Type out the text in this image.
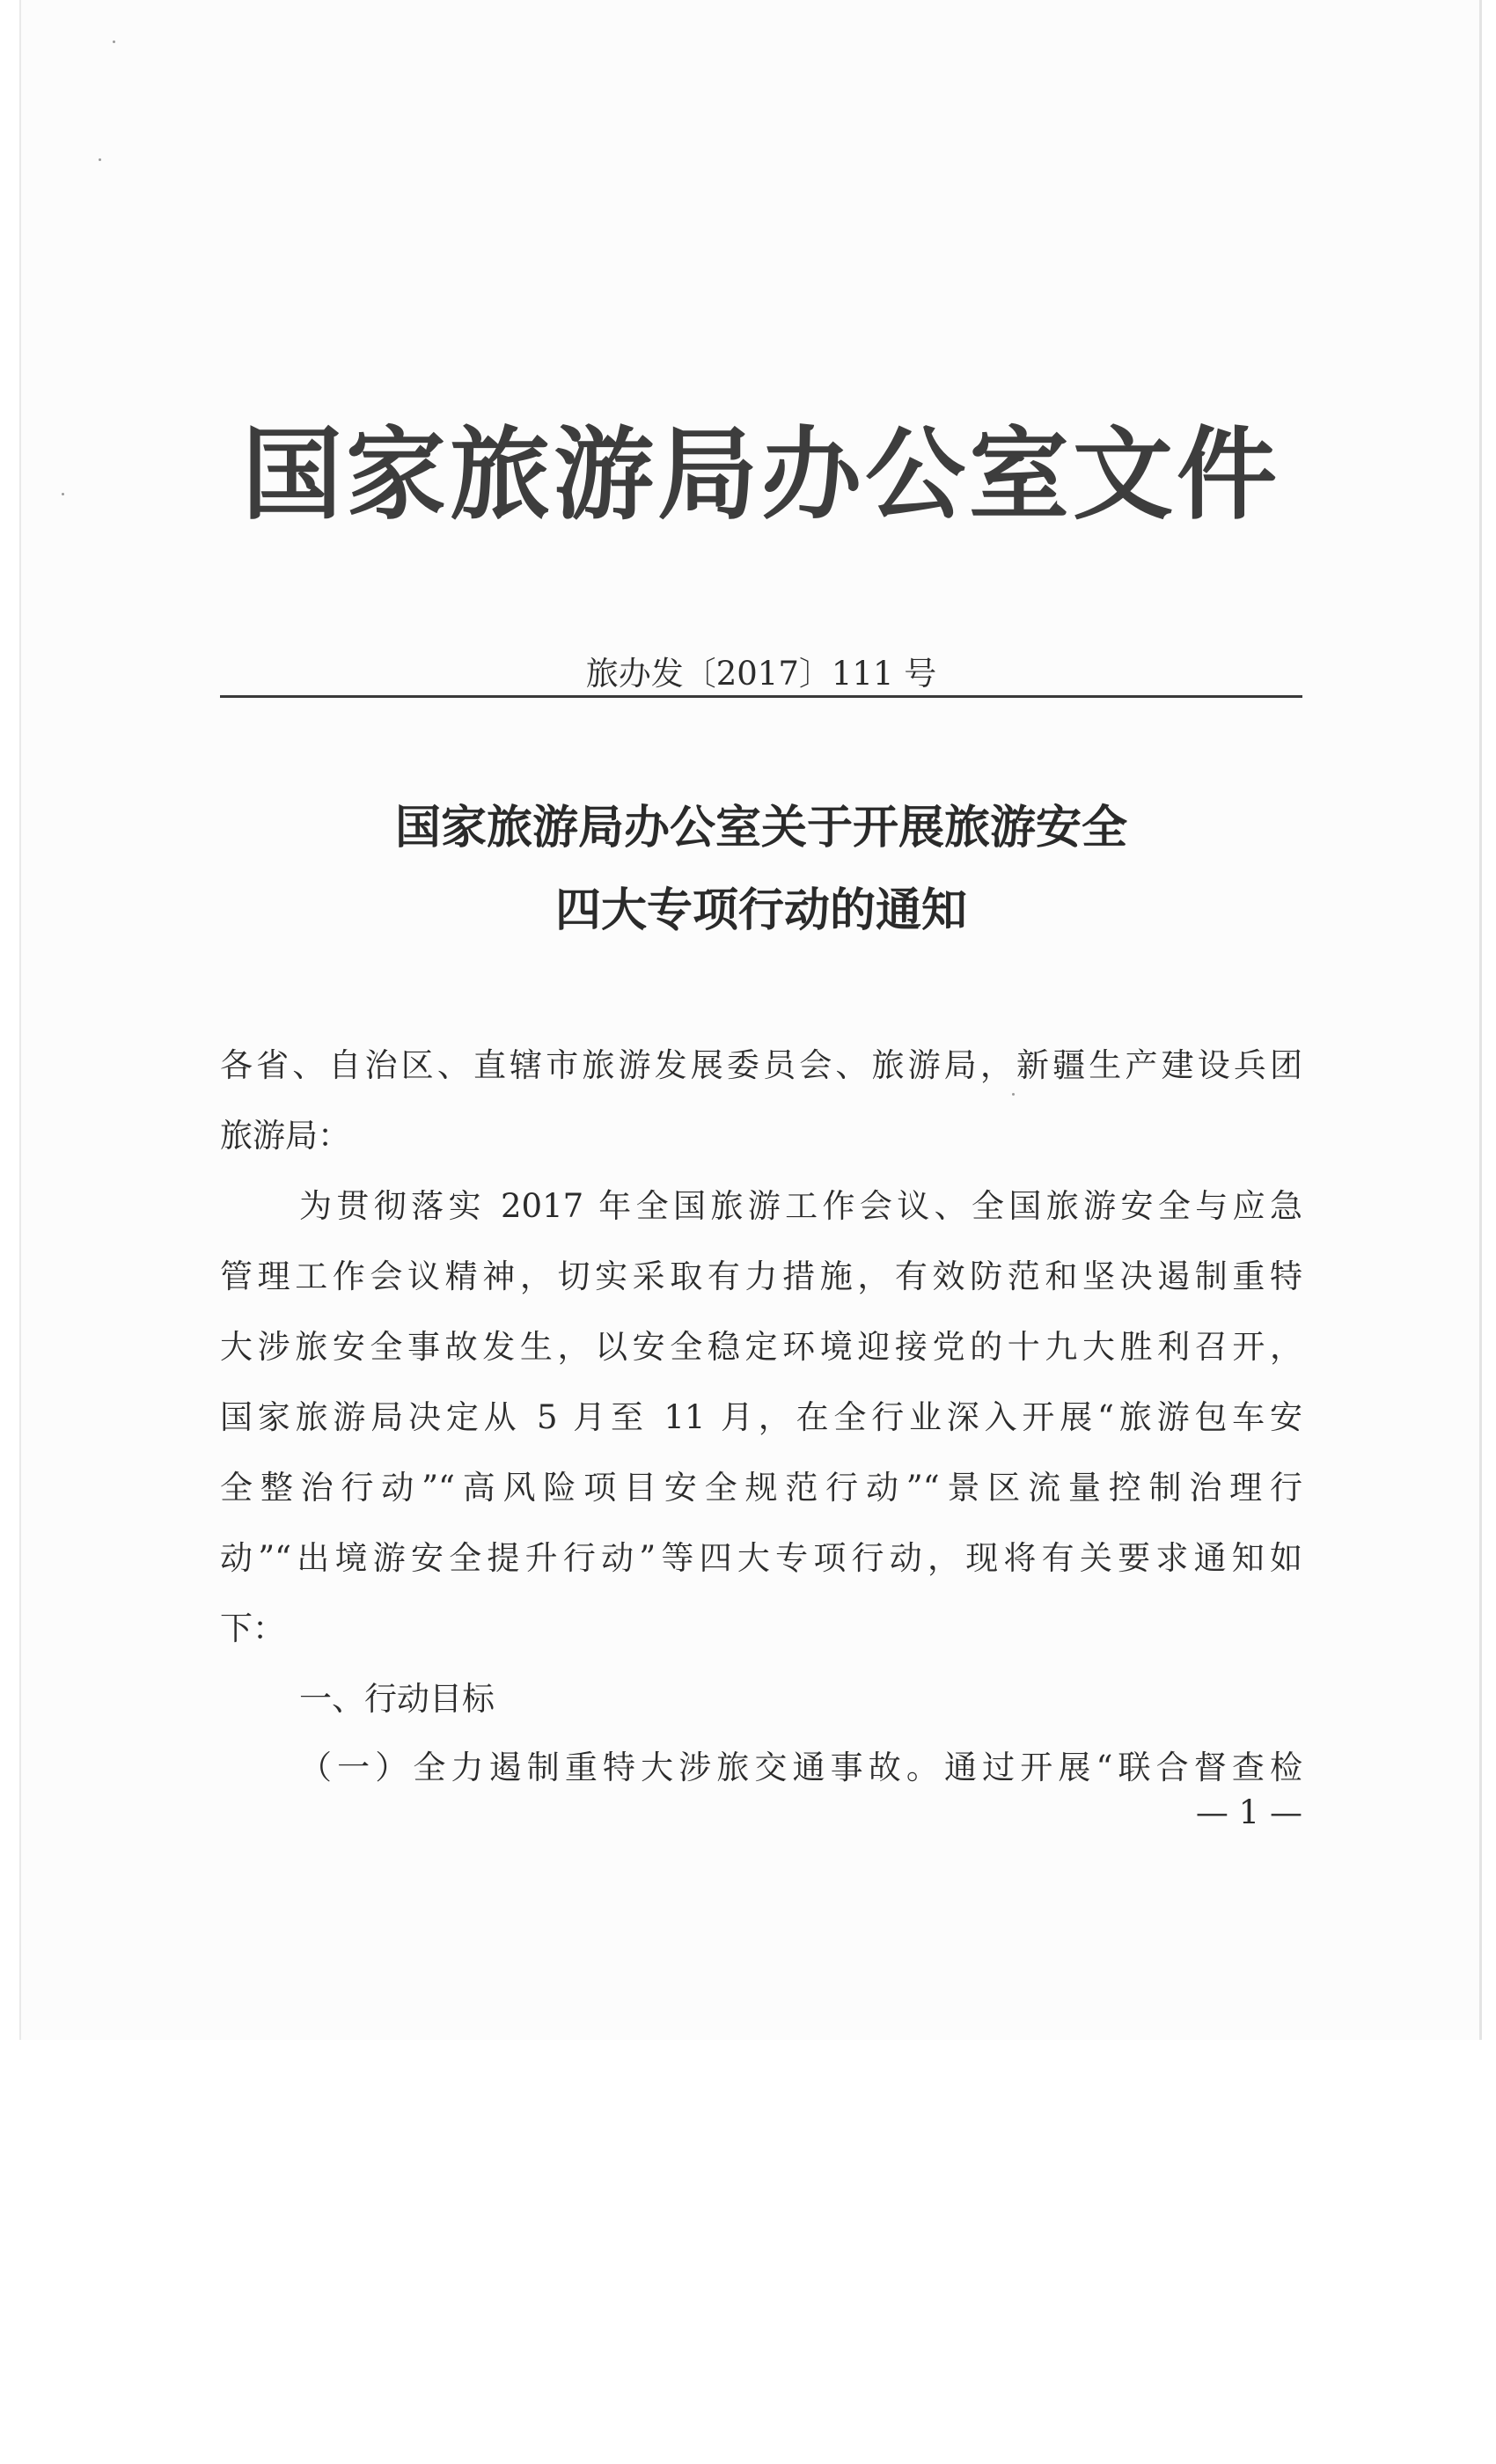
国家旅游局办公室文件
旅办发〔2017〕111 号
国家旅游局办公室关于开展旅游安全
四大专项行动的通知
各省、自治区、直辖市旅游发展委员会、旅游局，新疆生产建设兵团
旅游局：
为贯彻落实 2017 年全国旅游工作会议、全国旅游安全与应急
管理工作会议精神，切实采取有力措施，有效防范和坚决遏制重特
大涉旅安全事故发生，以安全稳定环境迎接党的十九大胜利召开，
国家旅游局决定从 5 月至 11 月，在全行业深入开展“旅游包车安
全整治行动”“高风险项目安全规范行动”“景区流量控制治理行
动”“出境游安全提升行动”等四大专项行动，现将有关要求通知如
下：
一、行动目标
（一）全力遏制重特大涉旅交通事故。通过开展“联合督查检
— 1 —
